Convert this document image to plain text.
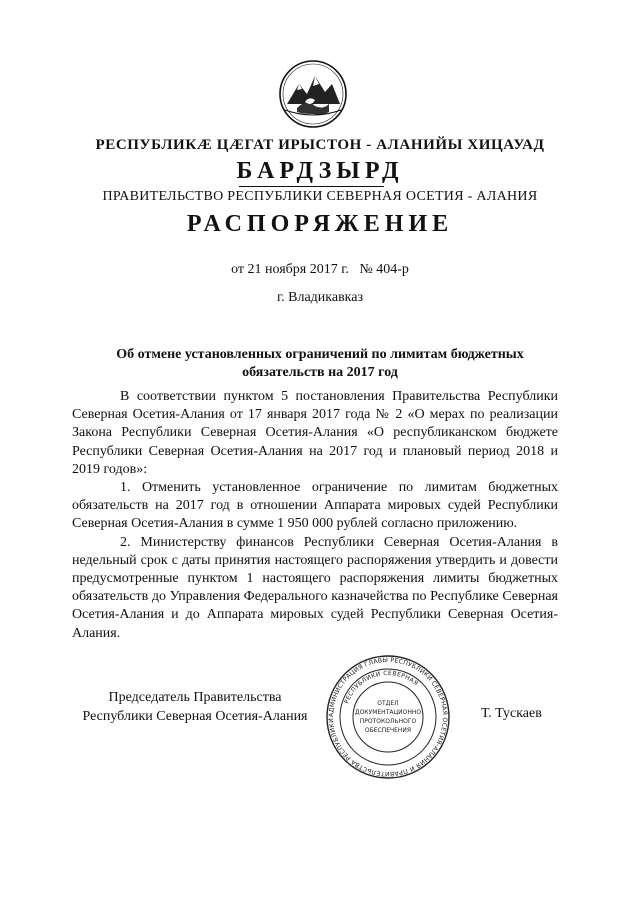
РЕСПУБЛИКӔ ЦӔГАТ ИРЫСТОН - АЛАНИЙЫ ХИЦАУАД
БАРДЗЫРД
ПРАВИТЕЛЬСТВО РЕСПУБЛИКИ СЕВЕРНАЯ ОСЕТИЯ - АЛАНИЯ
РАСПОРЯЖЕНИЕ
от 21 ноября 2017 г. № 404-р
г. Владикавказ
Об отмене установленных ограничений по лимитам бюджетных обязательств на 2017 год

В соответствии пунктом 5 постановления Правительства Республики Северная Осетия-Алания от 17 января 2017 года № 2 «О мерах по реализации Закона Республики Северная Осетия-Алания «О республиканском бюджете Республики Северная Осетия-Алания на 2017 год и плановый период 2018 и 2019 годов»:

1. Отменить установленное ограничение по лимитам бюджетных обязательств на 2017 год в отношении Аппарата мировых судей Республики Северная Осетия-Алания в сумме 1 950 000 рублей согласно приложению.

2. Министерству финансов Республики Северная Осетия-Алания в недельный срок с даты принятия настоящего распоряжения утвердить и довести предусмотренные пунктом 1 настоящего распоряжения лимиты бюджетных обязательств до Управления Федерального казначейства по Республике Северная Осетия-Алания и до Аппарата мировых судей Республики Северная Осетия-Алания.

Председатель Правительства
Республики Северная Осетия-Алания	АДМИНИСТРАЦИЯ ГЛАВЫ РЕСПУБЛИКИ СЕВЕРНАЯ ОСЕТИЯ-АЛАНИЯ И ПРАВИТЕЛЬСТВА РЕСПУБЛИКИ
РЕСПУБЛИКИ СЕВЕРНАЯ
ОТДЕЛ
ДОКУМЕНТАЦИОННО
ПРОТОКОЛЬНОГО
ОБЕСПЕЧЕНИЯ
Т. Тускаев
